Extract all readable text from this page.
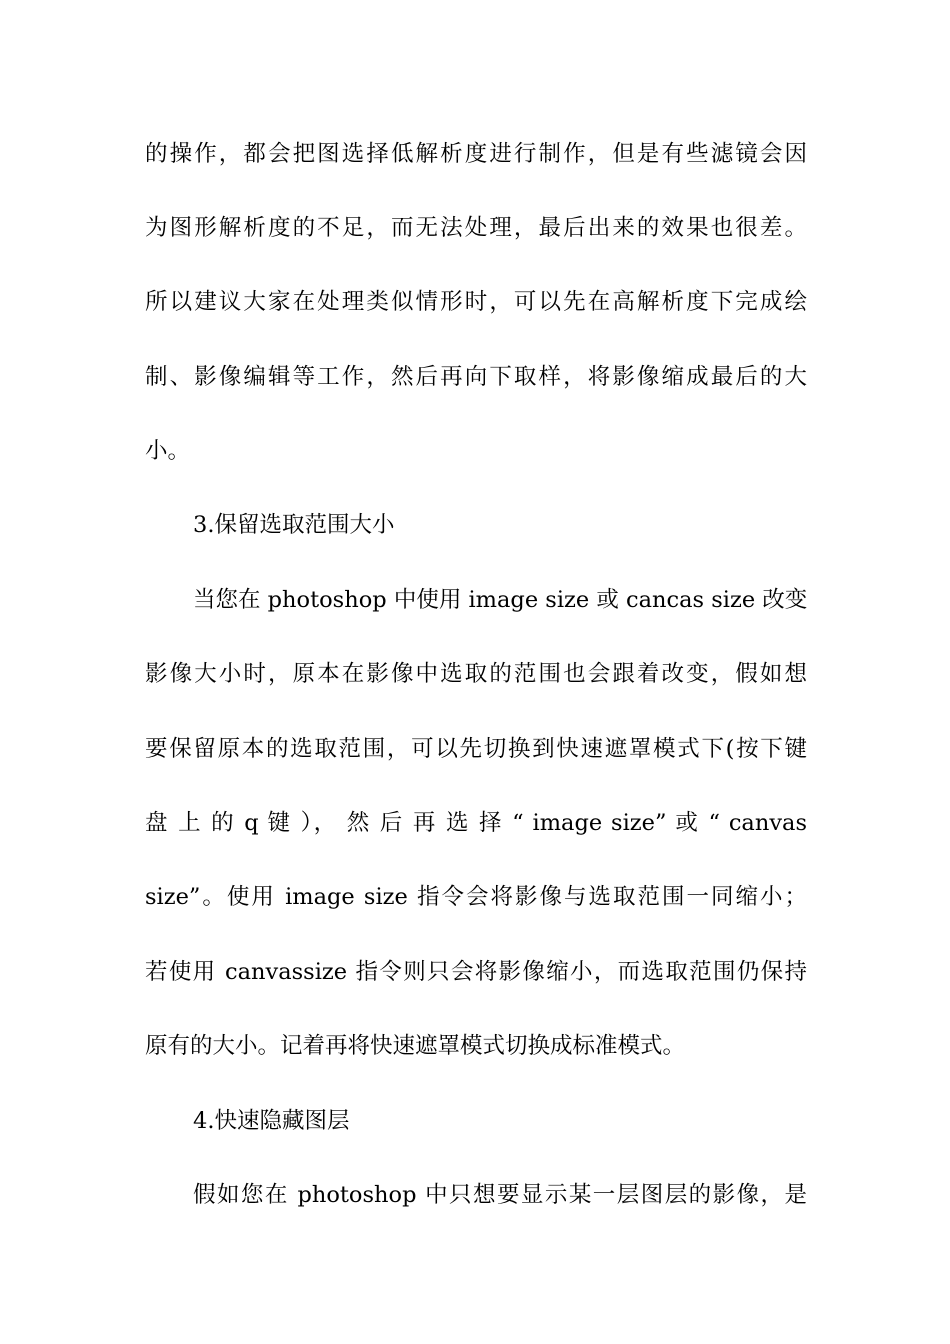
的操作，都会把图选择低解析度进行制作，但是有些滤镜会因
为图形解析度的不足，而无法处理，最后出来的效果也很差。
所以建议大家在处理类似情形时，可以先在高解析度下完成绘
制、影像编辑等工作，然后再向下取样，将影像缩成最后的大
小。
3.保留选取范围大小
当您在 photoshop 中使用 image size 或 cancas size 改变
影像大小时，原本在影像中选取的范围也会跟着改变，假如想
要保留原本的选取范围，可以先切换到快速遮罩模式下(按下键
盘 上 的 q 键 ）， 然 后 再 选 择 “ image size” 或 “ canvas
size”。使用 image size 指令会将影像与选取范围一同缩小；
若使用 canvassize 指令则只会将影像缩小，而选取范围仍保持
原有的大小。记着再将快速遮罩模式切换成标准模式。
4.快速隐藏图层
假如您在 photoshop 中只想要显示某一层图层的影像，是
